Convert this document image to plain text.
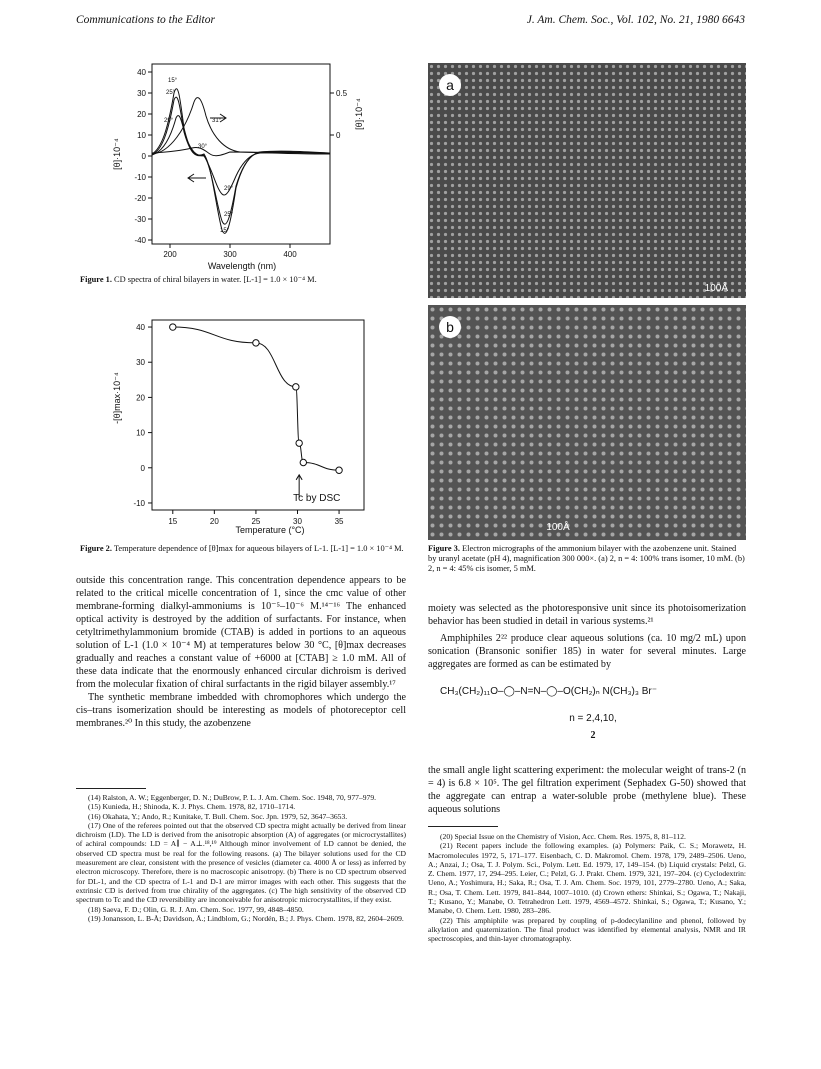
Communications to the Editor	J. Am. Chem. Soc., Vol. 102, No. 21, 1980 6643
40
30
20
10
0
-10
-20
-30
-40
200	300	400
Wavelength (nm)
0.5
0
[θ]·10⁻⁴
[θ]·10⁻⁴
15°
25°
29°
30°
31°
29°
25°
15°
Figure 1. CD spectra of chiral bilayers in water. [L-1] = 1.0 × 10⁻⁴ M.
15	20	25	30	35
40
30
20
10
0
-10	Tc by DSC
-[θ]max·10⁻⁴
Temperature (°C)
Figure 2. Temperature dependence of [θ]max for aqueous bilayers of L-1. [L-1] = 1.0 × 10⁻⁴ M.

outside this concentration range. This concentration dependence appears to be related to the critical micelle concentration of 1, since the cmc value of other membrane-forming dialkyl-ammoniums is 10⁻⁵–10⁻⁶ M.¹⁴⁻¹⁶ The enhanced optical activity is destroyed by the addition of surfactants. For instance, when cetyltrimethylammonium bromide (CTAB) is added in portions to an aqueous solution of L-1 (1.0 × 10⁻⁴ M) at temperatures below 30 °C, [θ]max decreases gradually and reaches a constant value of +6000 at [CTAB] ≥ 1.0 mM. All of these data indicate that the enormously enhanced circular dichroism is derived from the molecular fixation of chiral surfactants in the rigid bilayer assembly.¹⁷

The synthetic membrane imbedded with chromophores which undergo the cis–trans isomerization should be interesting as models of photoreceptor cell membranes.²⁰ In this study, the azobenzene

(14) Ralston, A. W.; Eggenberger, D. N.; DuBrow, P. L. J. Am. Chem. Soc. 1948, 70, 977–979.

(15) Kunieda, H.; Shinoda, K. J. Phys. Chem. 1978, 82, 1710–1714.

(16) Okahata, Y.; Ando, R.; Kunitake, T. Bull. Chem. Soc. Jpn. 1979, 52, 3647–3653.

(17) One of the referees pointed out that the observed CD spectra might actually be derived from linear dichroism (LD). The LD is derived from the anisotropic absorption (A) of aggregates (or microcrystallites) of achiral compounds: LD = A∥ − A⊥.¹⁸,¹⁹ Although minor involvement of LD cannot be denied, the observed CD spectra must be real for the following reasons. (a) The bilayer solutions used for the CD measurement are clear, consistent with the presence of vesicles (diameter ca. 4000 Å or less) as inferred by electron microscopy. Therefore, there is no macroscopic anisotropy. (b) There is no CD spectrum observed for DL-1, and the CD spectra of L-1 and D-1 are mirror images with each other. This suggests that the extrinsic CD is derived from true chirality of the aggregates. (c) The high sensitivity of the observed CD spectrum to Tc and the CD reversibility are inconceivable for anisotropic microcrystallites, if they exist.

(18) Saeva, F. D.; Olin, G. R. J. Am. Chem. Soc. 1977, 99, 4848–4850.

(19) Jonansson, L. B-Å; Davidson, Å.; Lindblom, G.; Nordén, B.; J. Phys. Chem. 1978, 82, 2604–2609.

a
100Å
b
100Å
Figure 3. Electron micrographs of the ammonium bilayer with the azobenzene unit. Stained by uranyl acetate (pH 4), magnification 300 000×. (a) 2, n = 4: 100% trans isomer, 10 mM. (b) 2, n = 4: 45% cis isomer, 5 mM.

moiety was selected as the photoresponsive unit since its photoisomerization behavior has been studied in detail in various systems.²¹

Amphiphiles 2²² produce clear aqueous solutions (ca. 10 mg/2 mL) upon sonication (Bransonic sonifier 185) in water for several minutes. Large aggregates are formed as can be estimated by

CH₃(CH₂)₁₁O–◯–N=N–◯–O(CH₂)ₙ N(CH₃)₃ Br⁻
n = 2,4,10,
2

the small angle light scattering experiment: the molecular weight of trans-2 (n = 4) is 6.8 × 10⁵. The gel filtration experiment (Sephadex G-50) showed that the aggregate can entrap a water-soluble probe (methylene blue). These aqueous solutions

(20) Special Issue on the Chemistry of Vision, Acc. Chem. Res. 1975, 8, 81–112.

(21) Recent papers include the following examples. (a) Polymers: Paik, C. S.; Morawetz, H. Macromolecules 1972, 5, 171–177. Eisenbach, C. D. Makromol. Chem. 1978, 179, 2489–2506. Ueno, A.; Anzai, J.; Osa, T. J. Polym. Sci., Polym. Lett. Ed. 1979, 17, 149–154. (b) Liquid crystals: Pelzl, G. Z. Chem. 1977, 17, 294–295. Leier, C.; Pelzl, G. J. Prakt. Chem. 1979, 321, 197–204. (c) Cyclodextrin: Ueno, A.; Yoshimura, H.; Saka, R.; Osa, T. J. Am. Chem. Soc. 1979, 101, 2779–2780. Ueno, A.; Saka, R.; Osa, T. Chem. Lett. 1979, 841–844, 1007–1010. (d) Crown ethers: Shinkai, S.; Ogawa, T.; Nakaji, T.; Kusano, Y.; Manabe, O. Tetrahedron Lett. 1979, 4569–4572. Shinkai, S.; Ogawa, T.; Kusano, Y.; Manabe, O. Chem. Lett. 1980, 283–286.

(22) This amphiphile was prepared by coupling of p-dodecylaniline and phenol, followed by alkylation and quaternization. The final product was identified by elemental analysis, NMR and IR spectroscopies, and thin-layer chromatography.
